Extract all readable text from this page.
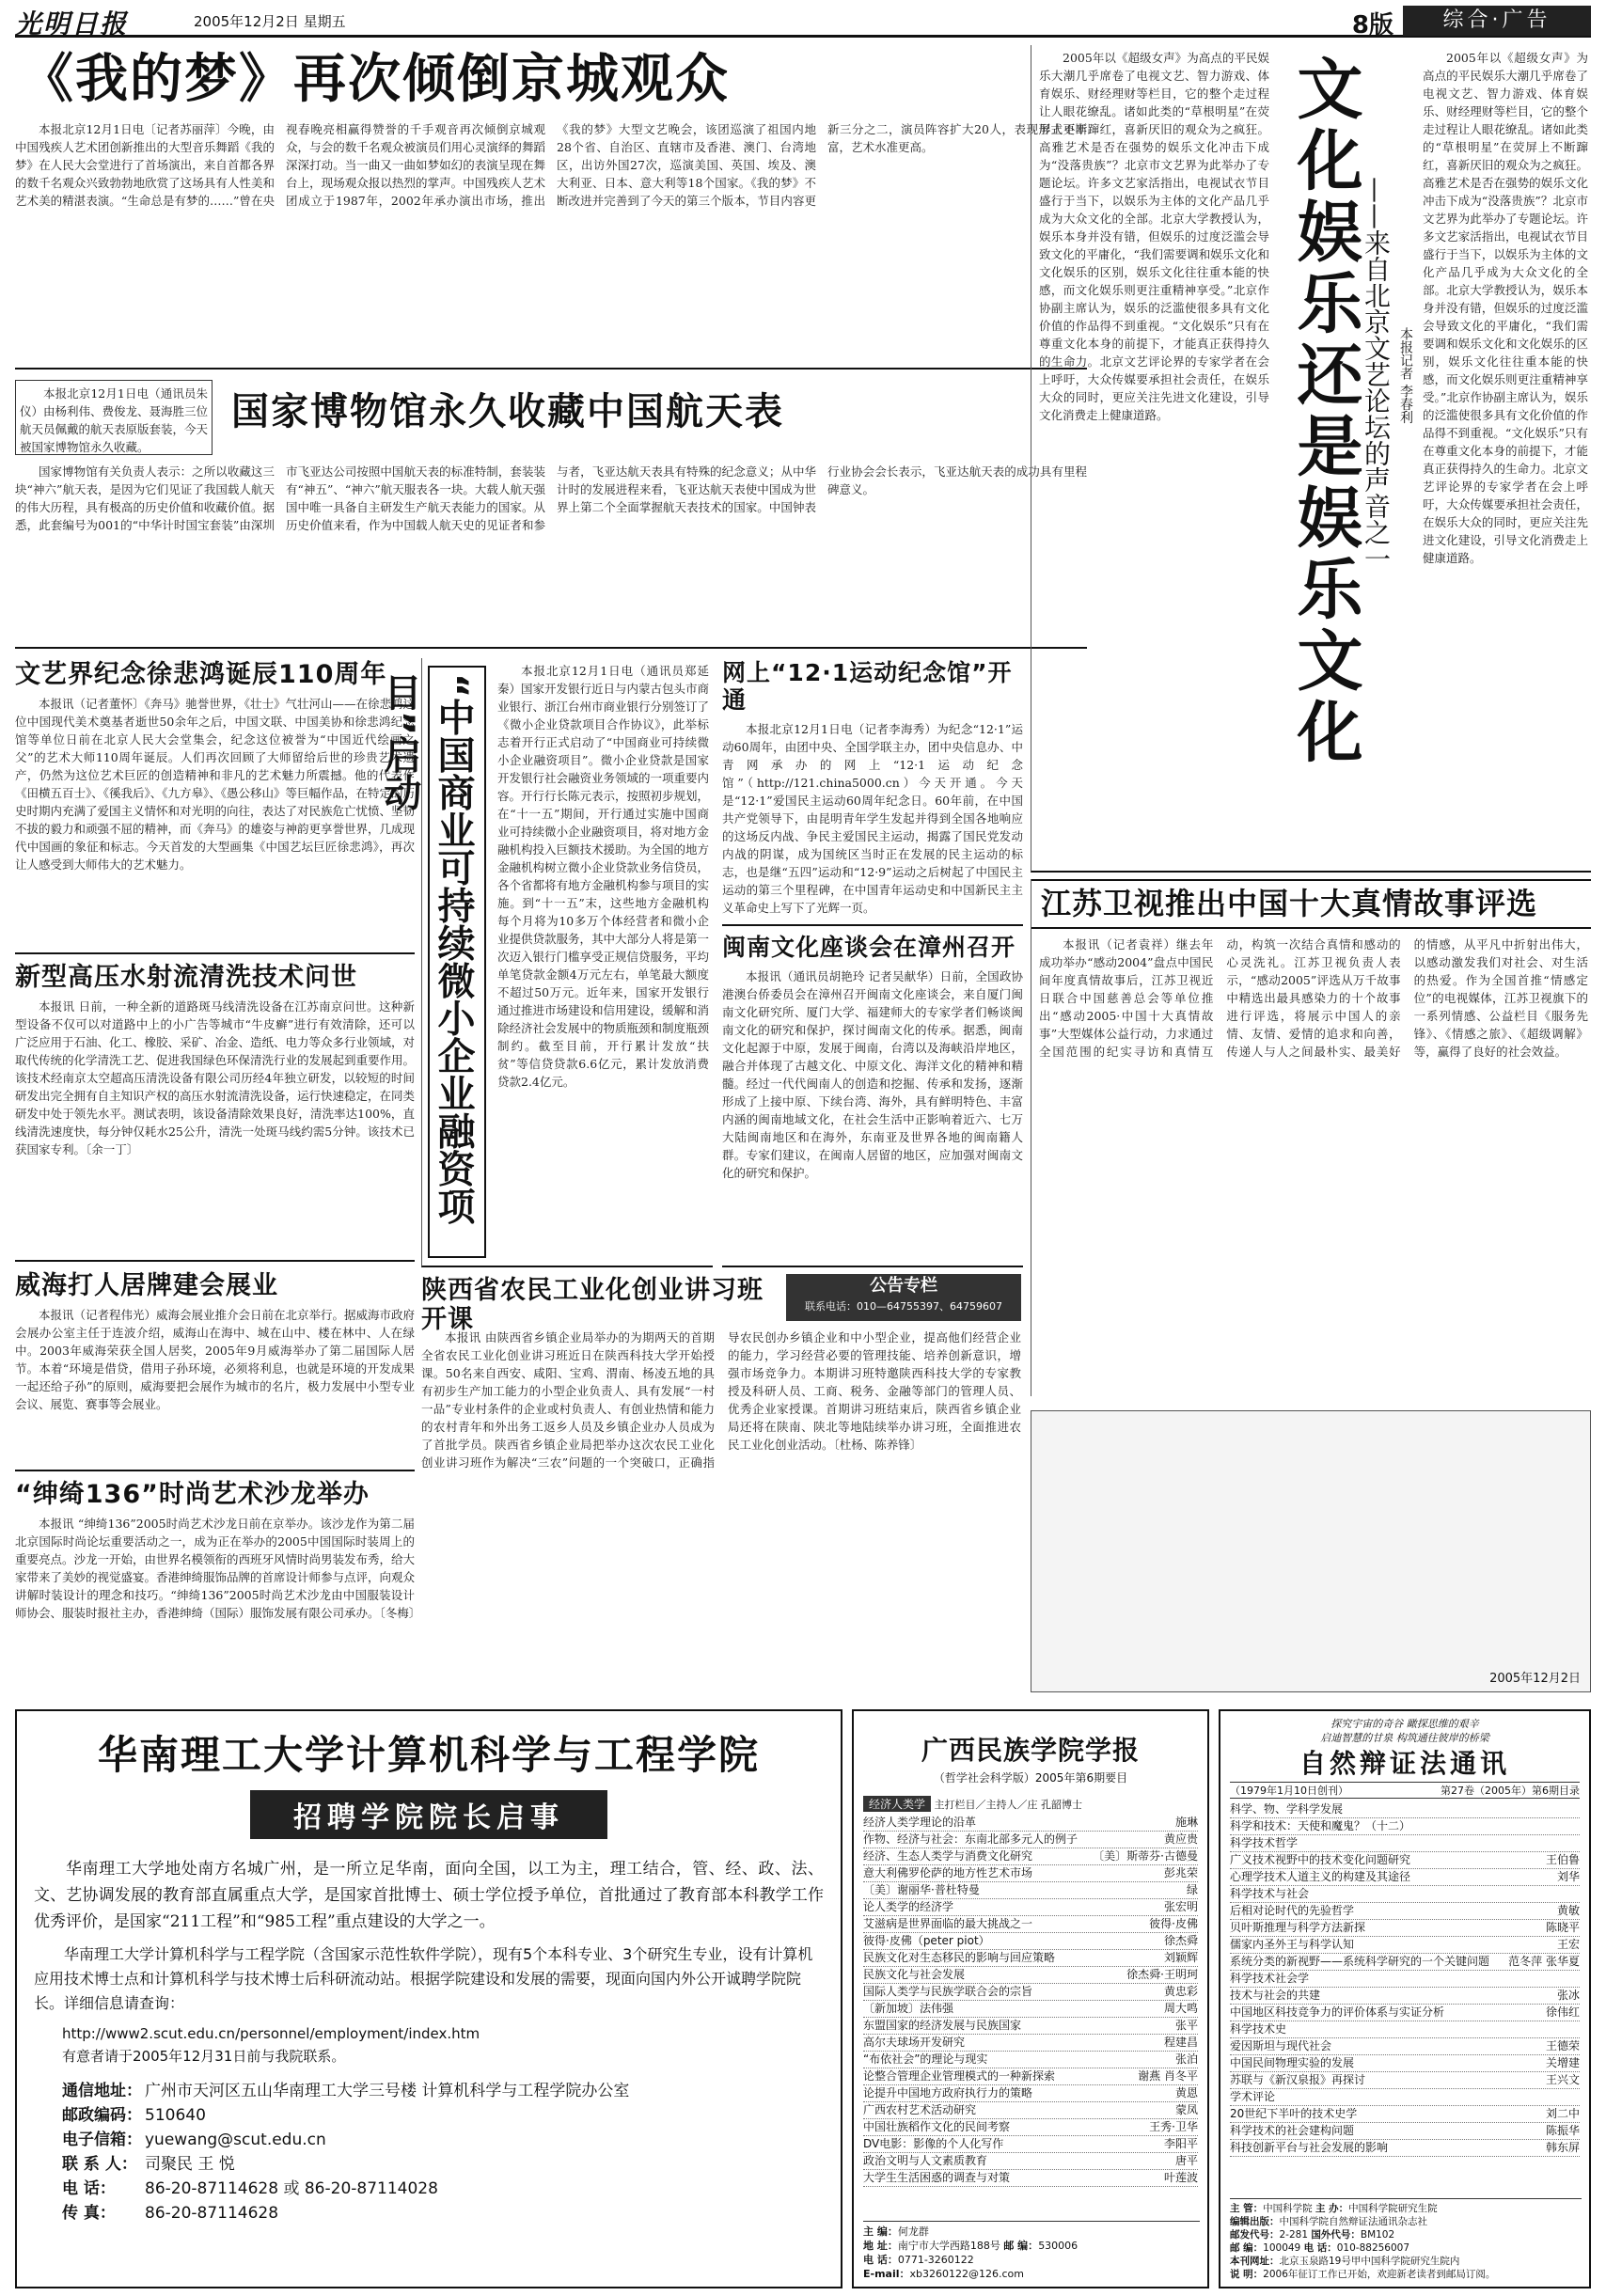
光明日报	2005年12月2日 星期五	8版	综合·广告
《我的梦》再次倾倒京城观众

本报北京12月1日电〔记者苏丽萍〕今晚，由中国残疾人艺术团创新推出的大型音乐舞蹈《我的梦》在人民大会堂进行了首场演出，来自首都各界的数千名观众兴致勃勃地欣赏了这场具有人性美和艺术美的精湛表演。“生命总是有梦的……”曾在央视春晚亮相赢得赞誉的千手观音再次倾倒京城观众，与会的数千名观众被演员们用心灵演绎的舞蹈深深打动。当一曲又一曲如梦如幻的表演呈现在舞台上，现场观众报以热烈的掌声。中国残疾人艺术团成立于1987年，2002年承办演出市场，推出《我的梦》大型文艺晚会，该团巡演了祖国内地28个省、自治区、直辖市及香港、澳门、台湾地区，出访外国27次，巡演美国、英国、埃及、澳大利亚、日本、意大利等18个国家。《我的梦》不断改进并完善到了今天的第三个版本，节目内容更新三分之二，演员阵容扩大20人，表现形式更丰富，艺术水准更高。

本报北京12月1日电（通讯员朱仪）由杨利伟、费俊龙、聂海胜三位航天员佩戴的航天表原版套装，今天被国家博物馆永久收藏。

国家博物馆永久收藏中国航天表

国家博物馆有关负责人表示：之所以收藏这三块“神六”航天表，是因为它们见证了我国载人航天的伟大历程，具有极高的历史价值和收藏价值。据悉，此套编号为001的“中华计时国宝套装”由深圳市飞亚达公司按照中国航天表的标准特制，套装装有“神五”、“神六”航天服表各一块。大载人航天强国中唯一具备自主研发生产航天表能力的国家。从历史价值来看，作为中国载人航天史的见证者和参与者，飞亚达航天表具有特殊的纪念意义；从中华计时的发展进程来看，飞亚达航天表使中国成为世界上第二个全面掌握航天表技术的国家。中国钟表行业协会会长表示，飞亚达航天表的成功具有里程碑意义。

文艺界纪念徐悲鸿诞辰110周年

本报讯（记者董怀〕《奔马》驰誉世界，《壮士》气壮河山——在徐悲鸿这位中国现代美术奠基者逝世50余年之后，中国文联、中国美协和徐悲鸿纪念馆等单位日前在北京人民大会堂集会，纪念这位被誉为“中国近代绘画之父”的艺术大师110周年诞辰。人们再次回顾了大师留给后世的珍贵艺术遗产，仍然为这位艺术巨匠的创造精神和非凡的艺术魅力所震撼。他的代表作《田横五百士》、《徯我后》、《九方皋》、《愚公移山》等巨幅作品，在特定的历史时期内充满了爱国主义情怀和对光明的向往，表达了对民族危亡忧愤、坚韧不拔的毅力和顽强不屈的精神，而《奔马》的雄姿与神韵更享誉世界，几成现代中国画的象征和标志。今天首发的大型画集《中国艺坛巨匠徐悲鸿》，再次让人感受到大师伟大的艺术魅力。

新型高压水射流清洗技术问世

本报讯 日前，一种全新的道路斑马线清洗设备在江苏南京问世。这种新型设备不仅可以对道路中上的小广告等城市“牛皮癣”进行有效清除，还可以广泛应用于石油、化工、橡胶、采矿、冶金、造纸、电力等众多行业领域，对取代传统的化学清洗工艺、促进我国绿色环保清洗行业的发展起到重要作用。该技术经南京太空超高压清洗设备有限公司历经4年独立研发，以较短的时间研发出完全拥有自主知识产权的高压水射流清洗设备，运行快速稳定，在同类研发中处于领先水平。测试表明，该设备清除效果良好，清洗率达100%，直线清洗速度快，每分钟仅耗水25公升，清洗一处斑马线约需5分钟。该技术已获国家专利。〔余一丁〕

威海打人居牌建会展业

本报讯（记者程伟光）威海会展业推介会日前在北京举行。据威海市政府会展办公室主任于连波介绍，威海山在海中、城在山中、楼在林中、人在绿中。2003年威海荣获全国人居奖，2005年9月威海举办了第二届国际人居节。本着“环境是借贷，借用子孙环境，必须将利息，也就是环境的开发成果一起还给子孙”的原则，威海要把会展作为城市的名片，极力发展中小型专业会议、展览、赛事等会展业。

“绅绮136”时尚艺术沙龙举办

本报讯 “绅绮136”2005时尚艺术沙龙日前在京举办。该沙龙作为第二届北京国际时尚论坛重要活动之一，成为正在举办的2005中国国际时装周上的重要亮点。沙龙一开始，由世界名模领衔的西班牙风情时尚男装发布秀，给大家带来了美妙的视觉盛宴。香港绅绮服饰品牌的首席设计师参与点评，向观众讲解时装设计的理念和技巧。“绅绮136”2005时尚艺术沙龙由中国服装设计师协会、服装时报社主办，香港绅绮（国际）服饰发展有限公司承办。〔冬梅〕

“中国商业可持续微小企业融资项目”启动

本报北京12月1日电（通讯员郑延秦）国家开发银行近日与内蒙古包头市商业银行、浙江台州市商业银行分别签订了《微小企业贷款项目合作协议》，此举标志着开行正式启动了“中国商业可持续微小企业融资项目”。微小企业贷款是国家开发银行社会融资业务领域的一项重要内容。开行行长陈元表示，按照初步规划，在“十一五”期间，开行通过实施中国商业可持续微小企业融资项目，将对地方金融机构投入巨额技术援助。为全国的地方金融机构树立微小企业贷款业务信贷员，各个省都将有地方金融机构参与项目的实施。到“十一五”末，这些地方金融机构每个月将为10多万个体经营者和微小企业提供贷款服务，其中大部分人将是第一次迈入银行门槛享受正规信贷服务，平均单笔贷款金额4万元左右，单笔最大额度不超过50万元。近年来，国家开发银行通过推进市场建设和信用建设，缓解和消除经济社会发展中的物质瓶颈和制度瓶颈制约。截至目前，开行累计发放“扶贫”等信贷贷款6.6亿元，累计发放消费贷款2.4亿元。

网上“12·1运动纪念馆”开通

本报北京12月1日电（记者李海秀）为纪念“12·1”运动60周年，由团中央、全国学联主办，团中央信息办、中青网承办的网上“12·1运动纪念馆”（http://121.china5000.cn）今天开通。今天是“12·1”爱国民主运动60周年纪念日。60年前，在中国共产党领导下，由昆明青年学生发起并得到全国各地响应的这场反内战、争民主爱国民主运动，揭露了国民党发动内战的阴谋，成为国统区当时正在发展的民主运动的标志，也是继“五四”运动和“12·9”运动之后树起了中国民主运动的第三个里程碑，在中国青年运动史和中国新民主主义革命史上写下了光辉一页。

闽南文化座谈会在漳州召开

本报讯（通讯员胡艳玲 记者吴献华）日前，全国政协港澳台侨委员会在漳州召开闽南文化座谈会，来自厦门闽南文化研究所、厦门大学、福建师大的专家学者们畅谈闽南文化的研究和保护，探讨闽南文化的传承。据悉，闽南文化起源于中原，发展于闽南，台湾以及海峡沿岸地区，融合并体现了古越文化、中原文化、海洋文化的精神和精髓。经过一代代闽南人的创造和挖掘、传承和发扬，逐渐形成了上接中原、下续台湾、海外，具有鲜明特色、丰富内涵的闽南地域文化，在社会生活中正影响着近六、七万大陆闽南地区和在海外，东南亚及世界各地的闽南籍人群。专家们建议，在闽南人居留的地区，应加强对闽南文化的研究和保护。

陕西省农民工业化创业讲习班开课
公告专栏
联系电话：010—64755397、64759607

本报讯 由陕西省乡镇企业局举办的为期两天的首期全省农民工业化创业讲习班近日在陕西科技大学开始授课。50名来自西安、咸阳、宝鸡、渭南、杨凌五地的具有初步生产加工能力的小型企业负责人、具有发展“一村一品”专业村条件的企业或村负责人、有创业热情和能力的农村青年和外出务工返乡人员及乡镇企业办人员成为了首批学员。陕西省乡镇企业局把举办这次农民工业化创业讲习班作为解决“三农”问题的一个突破口，正确指导农民创办乡镇企业和中小型企业，提高他们经营企业的能力，学习经营必要的管理技能、培养创新意识，增强市场竞争力。本期讲习班特邀陕西科技大学的专家教授及科研人员、工商、税务、金融等部门的管理人员、优秀企业家授课。首期讲习班结束后，陕西省乡镇企业局还将在陕南、陕北等地陆续举办讲习班，全面推进农民工业化创业活动。〔杜杨、陈养锋〕

2005年以《超级女声》为高点的平民娱乐大潮几乎席卷了电视文艺、智力游戏、体育娱乐、财经理财等栏目，它的整个走过程让人眼花缭乱。诸如此类的“草根明星”在荧屏上不断蹿红，喜新厌旧的观众为之疯狂。高雅艺术是否在强势的娱乐文化冲击下成为“没落贵族”？北京市文艺界为此举办了专题论坛。许多文艺家活指出，电视试衣节目盛行于当下，以娱乐为主体的文化产品几乎成为大众文化的全部。北京大学教授认为，娱乐本身并没有错，但娱乐的过度泛滥会导致文化的平庸化，“我们需要调和娱乐文化和文化娱乐的区别，娱乐文化往往重本能的快感，而文化娱乐则更注重精神享受。”北京作协副主席认为，娱乐的泛滥使很多具有文化价值的作品得不到重视。“文化娱乐”只有在尊重文化本身的前提下，才能真正获得持久的生命力。北京文艺评论界的专家学者在会上呼吁，大众传媒要承担社会责任，在娱乐大众的同时，更应关注先进文化建设，引导文化消费走上健康道路。	文化娱乐还是娱乐文化
——来自北京文艺论坛的声音之一 本报记者 李春利

2005年以《超级女声》为高点的平民娱乐大潮几乎席卷了电视文艺、智力游戏、体育娱乐、财经理财等栏目，它的整个走过程让人眼花缭乱。诸如此类的“草根明星”在荧屏上不断蹿红，喜新厌旧的观众为之疯狂。高雅艺术是否在强势的娱乐文化冲击下成为“没落贵族”？北京市文艺界为此举办了专题论坛。许多文艺家活指出，电视试衣节目盛行于当下，以娱乐为主体的文化产品几乎成为大众文化的全部。北京大学教授认为，娱乐本身并没有错，但娱乐的过度泛滥会导致文化的平庸化，“我们需要调和娱乐文化和文化娱乐的区别，娱乐文化往往重本能的快感，而文化娱乐则更注重精神享受。”北京作协副主席认为，娱乐的泛滥使很多具有文化价值的作品得不到重视。“文化娱乐”只有在尊重文化本身的前提下，才能真正获得持久的生命力。北京文艺评论界的专家学者在会上呼吁，大众传媒要承担社会责任，在娱乐大众的同时，更应关注先进文化建设，引导文化消费走上健康道路。

江苏卫视推出中国十大真情故事评选

本报讯（记者袁祥）继去年成功举办“感动2004”盘点中国民间年度真情故事后，江苏卫视近日联合中国慈善总会等单位推出“感动2005·中国十大真情故事”大型媒体公益行动，力求通过全国范围的纪实寻访和真情互动，构筑一次结合真情和感动的心灵洗礼。江苏卫视负责人表示，“感动2005”评选从万千故事中精选出最具感染力的十个故事进行评选，将展示中国人的亲情、友情、爱情的追求和向善，传递人与人之间最朴实、最美好的情感，从平凡中折射出伟大，以感动激发我们对社会、对生活的热爱。作为全国首推“情感定位”的电视媒体，江苏卫视旗下的一系列情感、公益栏目《服务先锋》、《情感之旅》、《超级调解》等，赢得了良好的社会效益。

2005年12月2日
华南理工大学计算机科学与工程学院
招聘学院院长启事
华南理工大学地处南方名城广州，是一所立足华南，面向全国，以工为主，理工结合，管、经、政、法、文、艺协调发展的教育部直属重点大学，是国家首批博士、硕士学位授予单位，首批通过了教育部本科教学工作优秀评价，是国家“211工程”和“985工程”重点建设的大学之一。
华南理工大学计算机科学与工程学院（含国家示范性软件学院），现有5个本科专业、3个研究生专业，设有计算机应用技术博士点和计算机科学与技术博士后科研流动站。根据学院建设和发展的需要，现面向国内外公开诚聘学院院长。详细信息请查询：
http://www2.scut.edu.cn/personnel/employment/index.htm
有意者请于2005年12月31日前与我院联系。
通信地址： 广州市天河区五山华南理工大学三号楼 计算机科学与工程学院办公室
邮政编码： 510640
电子信箱： yuewang@scut.edu.cn
联 系 人： 司聚民 王 悦
电 话： 86-20-87114628 或 86-20-87114028
传 真： 86-20-87114628
广西民族学院学报
（哲学社会科学版）2005年第6期要目
经济人类学 主打栏目／主持人／庄 孔韶博士
经济人类学理论的沿革	施琳
作物、经济与社会：东南北部多元人的例子	黄应贵
经济、生态人类学与消费文化研究	〔美〕斯蒂芬·古德曼
意大利佛罗伦萨的地方性艺术市场	彭兆荣
〔美〕谢丽华·普杜特曼	绿
论人类学的经济学	张宏明
艾滋病是世界面临的最大挑战之一	彼得·皮佛
彼得·皮佛（peter piot）	徐杰舜
民族文化对生态移民的影响与回应策略	刘颖辉
民族文化与社会发展	徐杰舜·王明珂
国际人类学与民族学联合会的宗旨	黄忠彩
〔新加坡〕法伟强	周大鸣
东盟国家的经济发展与民族国家	张平
高尔夫球场开发研究	程建昌
“布依社会”的理论与现实	张泊
论整合管理企业管理模式的一种新探索	谢燕 肖冬平
论提升中国地方政府执行力的策略	黄恩
广西农村艺术活动研究	蒙凤
中国壮族稻作文化的民间考察	王秀·卫华
DV电影：影像的个人化写作	李阳平
政治文明与人文素质教育	唐平
大学生生活困惑的调查与对策	叶莲波
主 编：何龙群
地 址：南宁市大学西路188号 邮 编：530006
电 话：0771-3260122
E-mail：xb3260122@126.com
探究宇宙的奇谷 瞰探思维的艰辛
启迪智慧的甘泉 构筑通往彼岸的桥梁
自然辩证法通讯
（1979年1月10日创刊）	第27卷（2005年）第6期目录
科学、物、学科学发展
科学和技术：天使和魔鬼？（十二）
科学技术哲学
广义技术视野中的技术变化问题研究	王伯鲁
心理学技术人道主义的构建及其途径	刘华
科学技术与社会
后相对论时代的先验哲学	黄敏
贝叶斯推理与科学方法新探	陈晓平
儒家内圣外王与科学认知	王宏
系统分类的新视野——系统科学研究的一个关键问题 范冬萍 张华夏
科学技术社会学
技术与社会的共建	张冰
中国地区科技竞争力的评价体系与实证分析	徐伟红
科学技术史
爱因斯坦与现代社会	王德荣
中国民间物理实验的发展	关增建
苏联与《新汉泉报》再探讨	王兴文
学术评论
20世纪下半叶的技术史学	刘二中
科学技术的社会建构问题	陈振华
科技创新平台与社会发展的影响	韩东屏
主 管：中国科学院 主 办：中国科学院研究生院
编辑出版：中国科学院自然辩证法通讯杂志社
邮发代号：2-281 国外代号：BM102
邮 编：100049 电 话：010-88256007
本刊网址：北京玉泉路19号甲中国科学院研究生院内
说 明：2006年征订工作已开始，欢迎新老读者到邮局订阅。
